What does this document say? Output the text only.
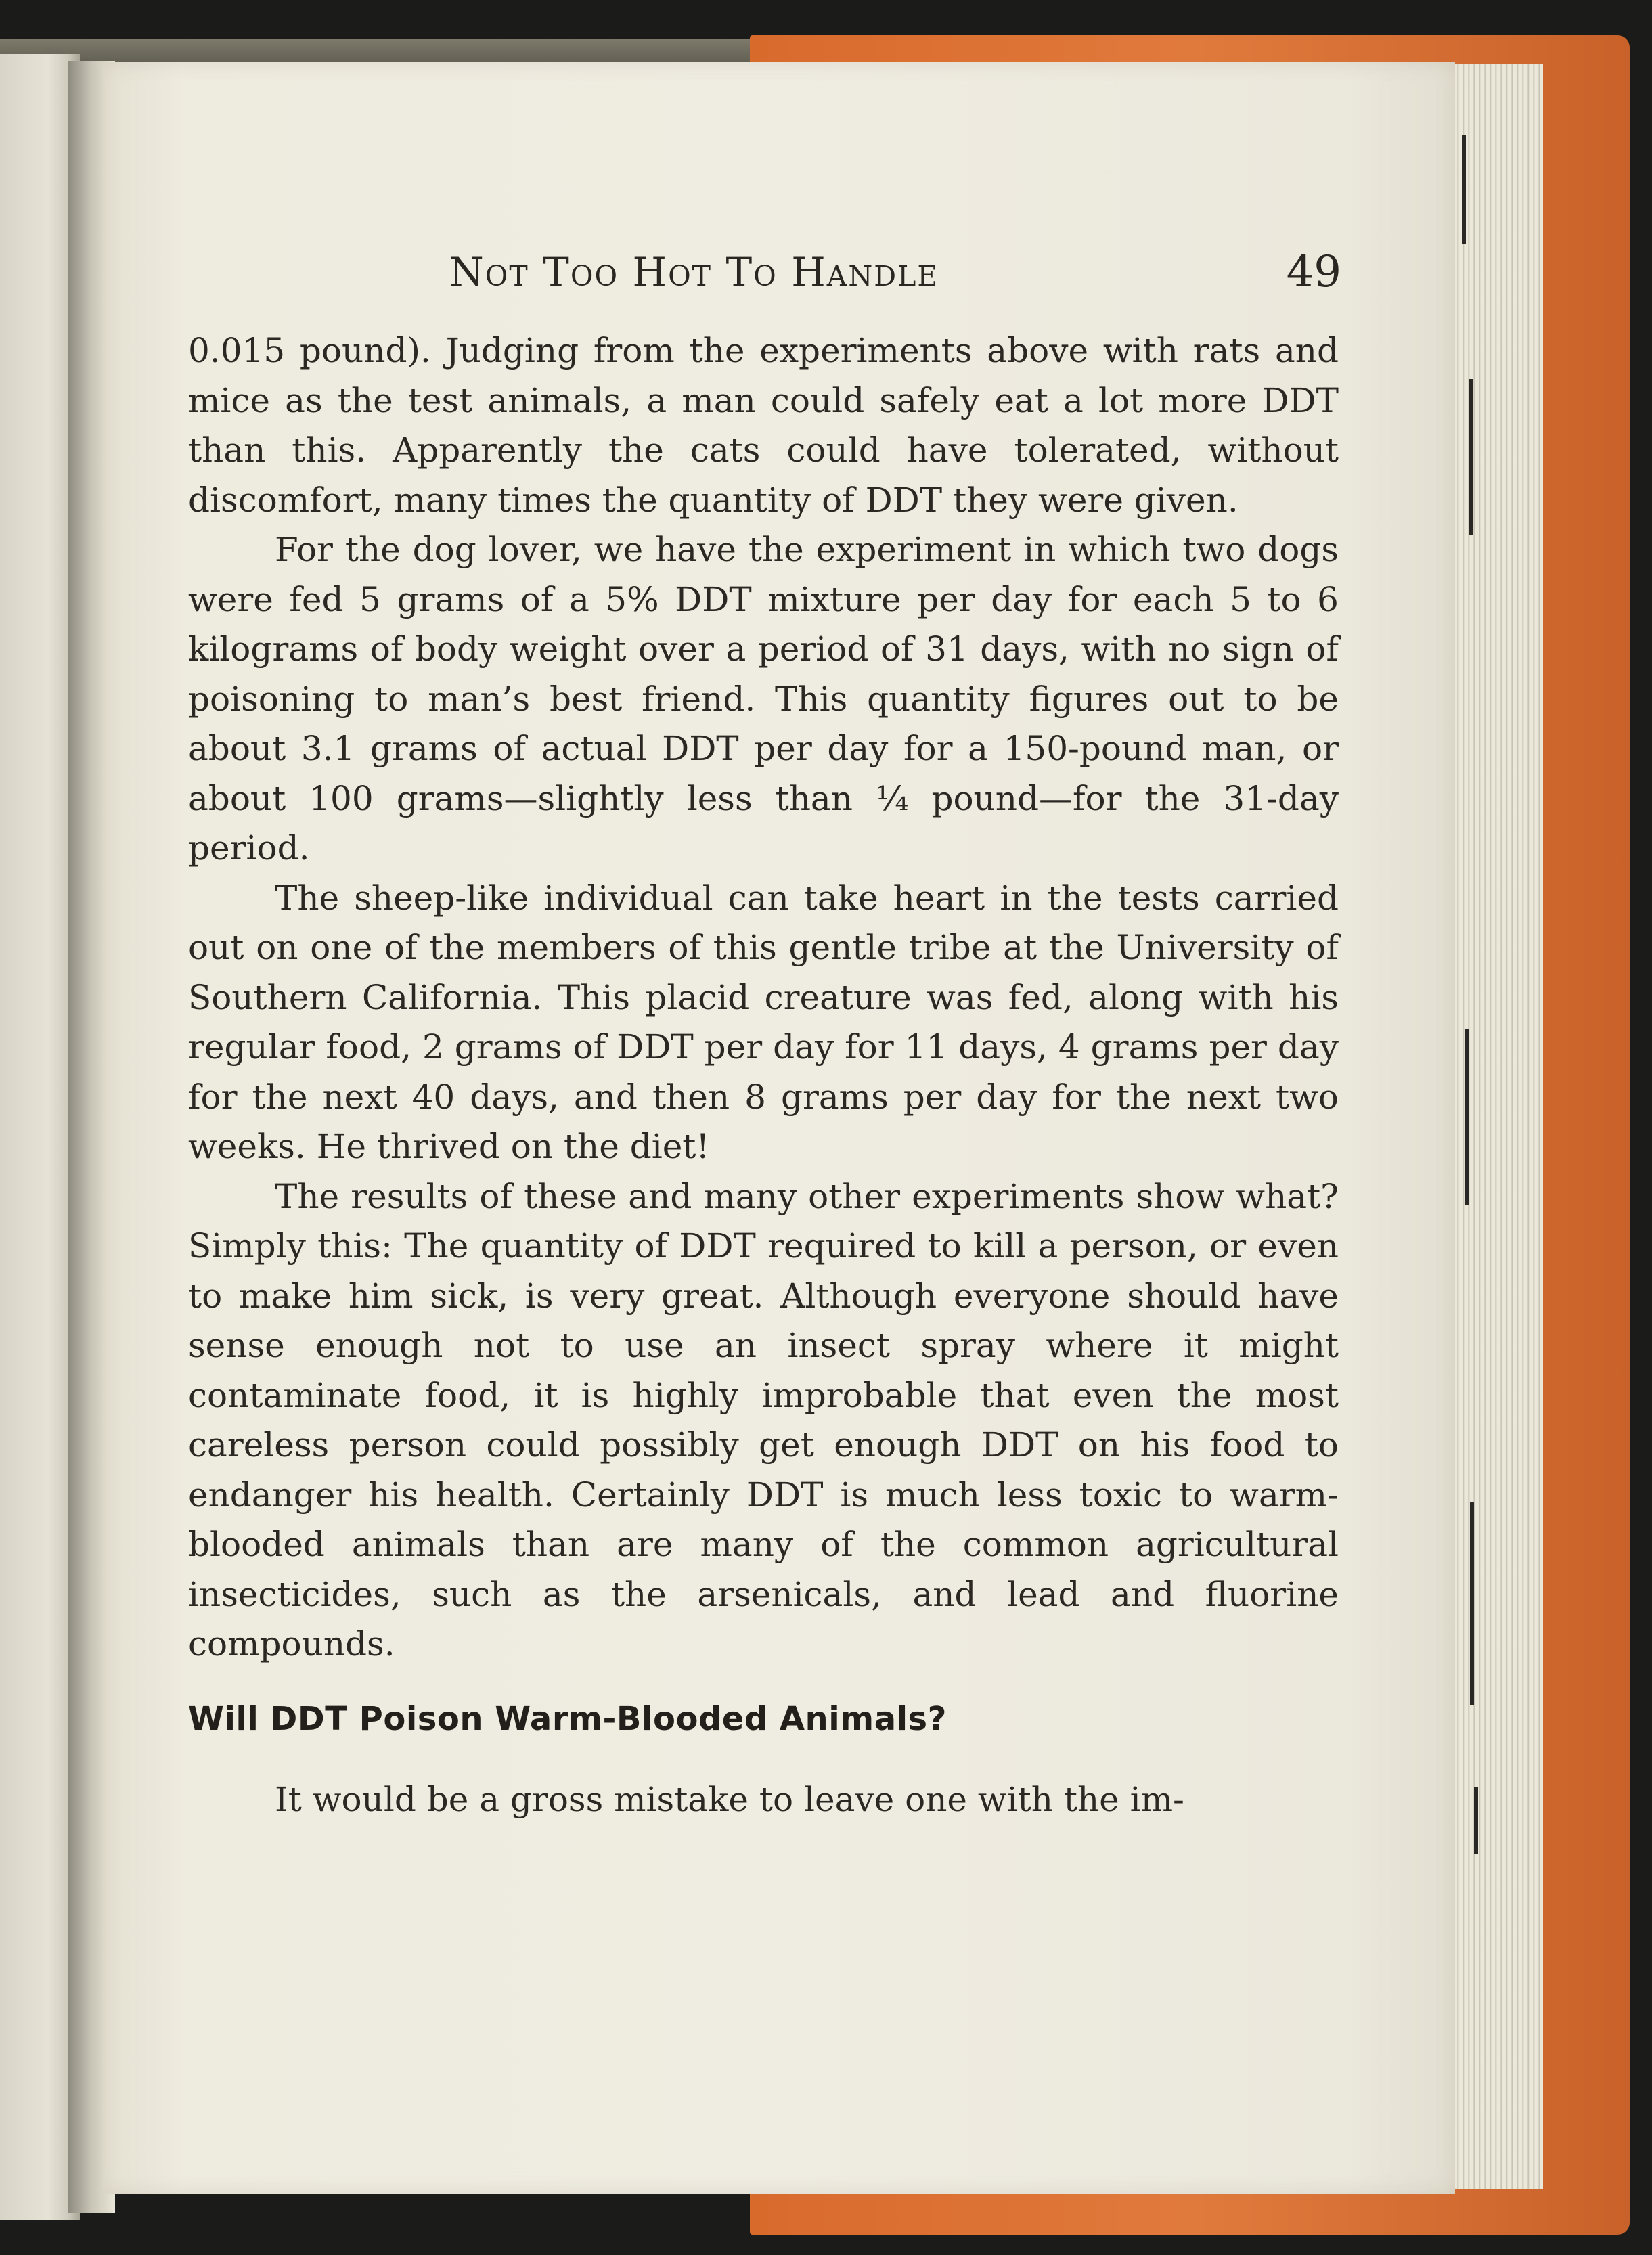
Not Too Hot To Handle	49

0.015 pound). Judging from the experiments above with rats and mice as the test animals, a man could safely eat a lot more DDT than this. Apparently the cats could have tolerated, without discomfort, many times the quantity of DDT they were given.

For the dog lover, we have the experiment in which two dogs were fed 5 grams of a 5% DDT mixture per day for each 5 to 6 kilograms of body weight over a period of 31 days, with no sign of poisoning to man’s best friend. This quantity figures out to be about 3.1 grams of actual DDT per day for a 150-pound man, or about 100 grams—slightly less than ¼ pound—for the 31-day period.

The sheep-like individual can take heart in the tests carried out on one of the members of this gentle tribe at the University of Southern California. This placid creature was fed, along with his regular food, 2 grams of DDT per day for 11 days, 4 grams per day for the next 40 days, and then 8 grams per day for the next two weeks. He thrived on the diet!

The results of these and many other experiments show what? Simply this: The quantity of DDT required to kill a person, or even to make him sick, is very great. Although everyone should have sense enough not to use an insect spray where it might contaminate food, it is highly improbable that even the most careless person could possibly get enough DDT on his food to endanger his health. Certainly DDT is much less toxic to warm-blooded animals than are many of the common agricultural insecticides, such as the arsenicals, and lead and fluorine compounds.

Will DDT Poison Warm-Blooded Animals?

It would be a gross mistake to leave one with the im-
